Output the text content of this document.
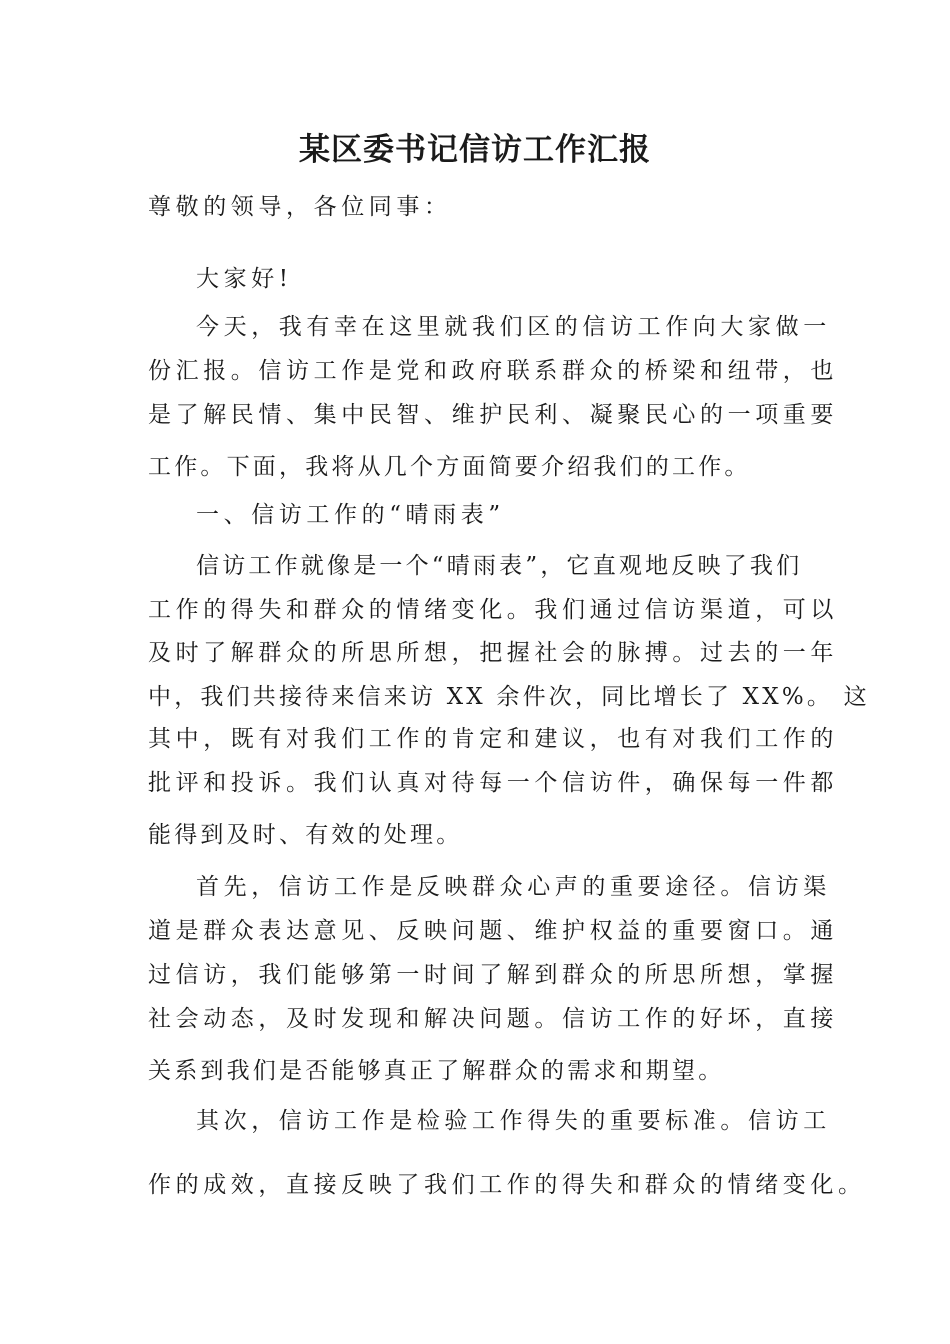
某区委书记信访工作汇报
尊敬的领导，各位同事：
大家好!
今天，我有幸在这里就我们区的信访工作向大家做一
份汇报。信访工作是党和政府联系群众的桥梁和纽带，也
是了解民情、集中民智、维护民利、凝聚民心的一项重要
工作。下面，我将从几个方面简要介绍我们的工作。
一、信访工作的“晴雨表”
信访工作就像是一个“晴雨表”，它直观地反映了我们
工作的得失和群众的情绪变化。我们通过信访渠道，可以
及时了解群众的所思所想，把握社会的脉搏。过去的一年
中，我们共接待来信来访 XX 余件次，同比增长了 XX%。 这
其中，既有对我们工作的肯定和建议，也有对我们工作的
批评和投诉。我们认真对待每一个信访件，确保每一件都
能得到及时、有效的处理。
首先，信访工作是反映群众心声的重要途径。信访渠
道是群众表达意见、反映问题、维护权益的重要窗口。通
过信访，我们能够第一时间了解到群众的所思所想，掌握
社会动态，及时发现和解决问题。信访工作的好坏，直接
关系到我们是否能够真正了解群众的需求和期望。
其次，信访工作是检验工作得失的重要标准。信访工
作的成效，直接反映了我们工作的得失和群众的情绪变化。
